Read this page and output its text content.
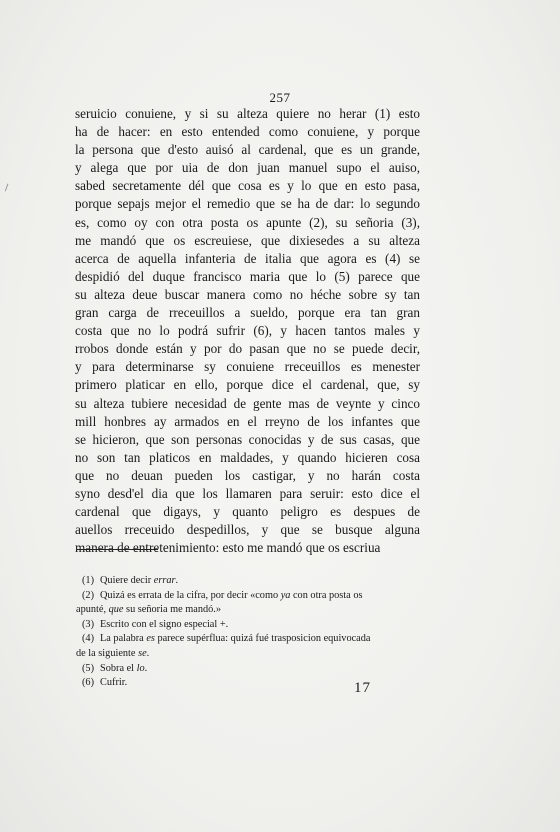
257
seruicio conuiene, y si su alteza quiere no herar (1) esto
ha de hacer: en esto entended como conuiene, y porque
la persona que d'esto auisó al cardenal, que es un grande,
y alega que por uia de don juan manuel supo el auiso,
sabed secretamente dél que cosa es y lo que en esto pasa,
porque sepajs mejor el remedio que se ha de dar: lo segundo
es, como oy con otra posta os apunte (2), su señoria (3),
me mandó que os escreuiese, que dixiesedes a su alteza
acerca de aquella infanteria de italia que agora es (4) se
despidió del duque francisco maria que lo (5) parece que
su alteza deue buscar manera como no héche sobre sy tan
gran carga de rreceuillos a sueldo, porque era tan gran
costa que no lo podrá sufrir (6), y hacen tantos males y
rrobos donde están y por do pasan que no se puede decir,
y para determinarse sy conuiene rreceuillos es menester
primero platicar en ello, porque dice el cardenal, que, sy
su alteza tubiere necesidad de gente mas de veynte y cinco
mill honbres ay armados en el rreyno de los infantes que
se hicieron, que son personas conocidas y de sus casas, que
no son tan platicos en maldades, y quando hicieren cosa
que no deuan pueden los castigar, y no harán costa
syno desd'el dia que los llamaren para seruir: esto dice el
cardenal que digays, y quanto peligro es despues de
auellos rreceuido despedillos, y que se busque alguna
manera de entretenimiento: esto me mandó que os escriua
(1) Quiere decir errar.
(2) Quizá es errata de la cifra, por decir «como ya con otra posta os
apunté, que su señoria me mandó.»
(3) Escrito con el signo especial +.
(4) La palabra es parece supérflua: quizá fué trasposicion equivocada
de la siguiente se.
(5) Sobra el lo.
(6) Cufrir.	17
